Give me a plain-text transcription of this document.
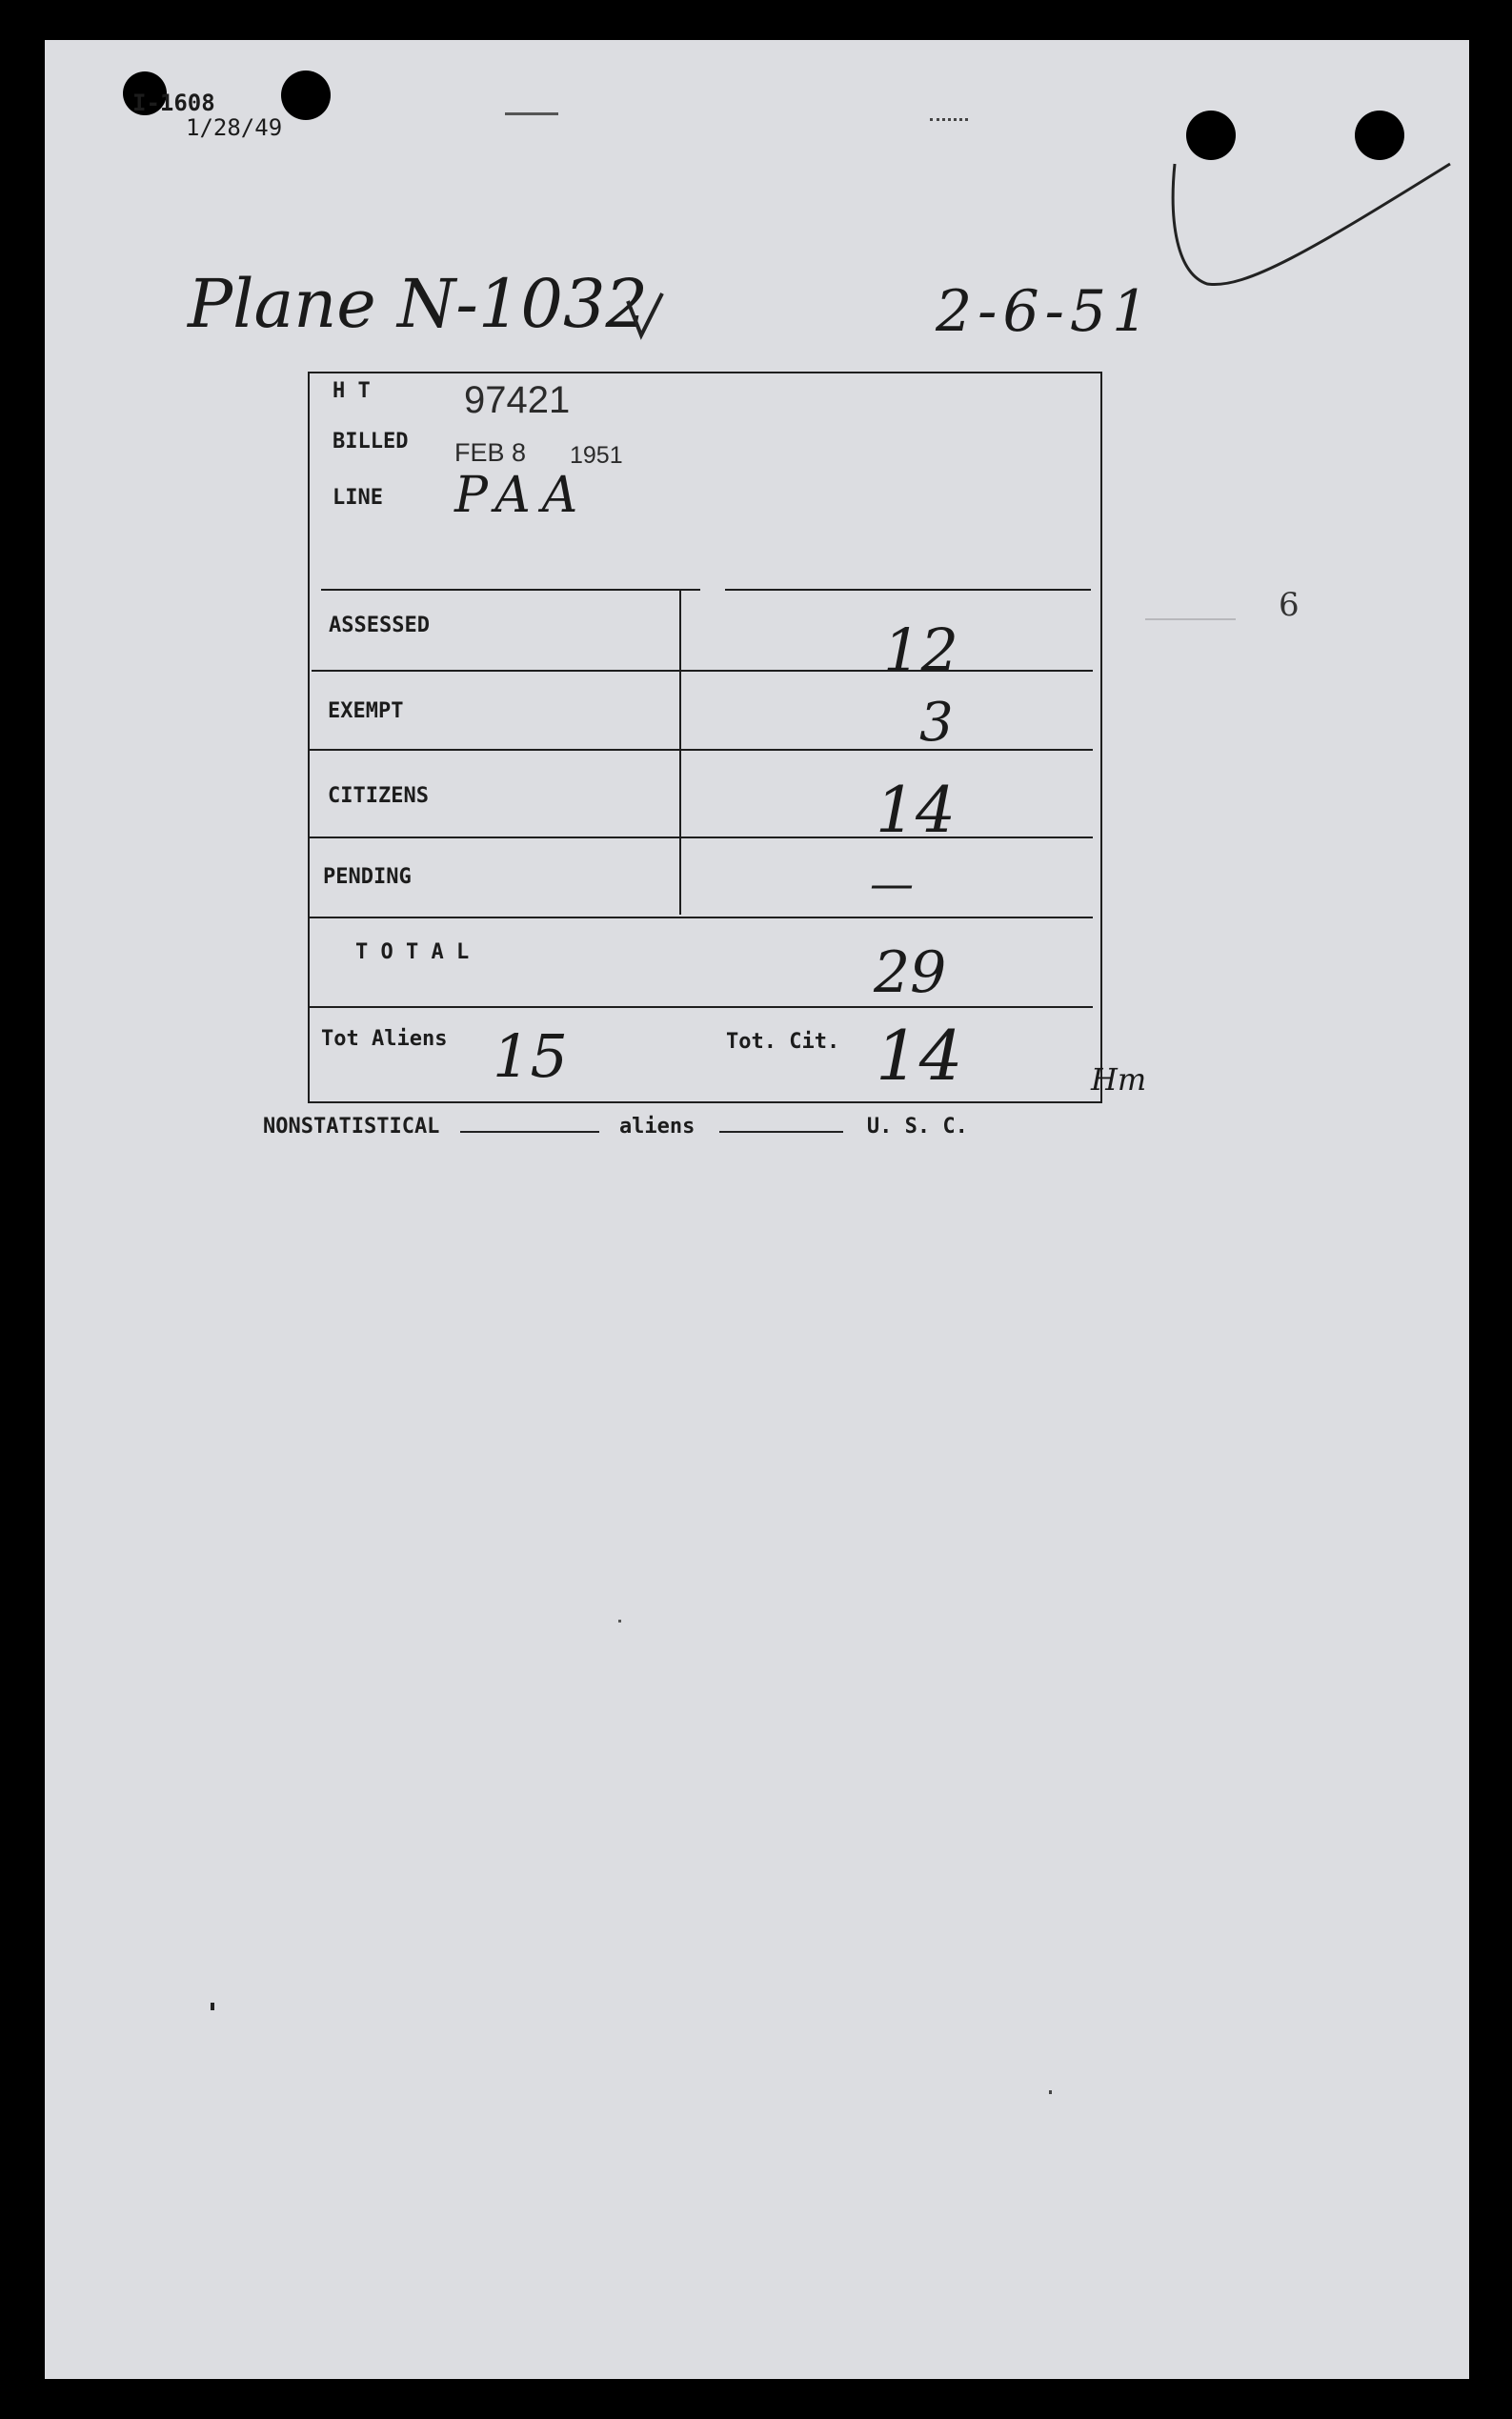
I-1608
1/28/49
Plane N-1032	2-6-51
6
H T 97421
BILLED FEB 8 1951
LINE PAA
ASSESSED	12
EXEMPT	3
CITIZENS	14
PENDING	—
T O T A L	29
Tot Aliens 15	Tot. Cit. 14	Hm
NONSTATISTICAL	aliens	U. S. C.
